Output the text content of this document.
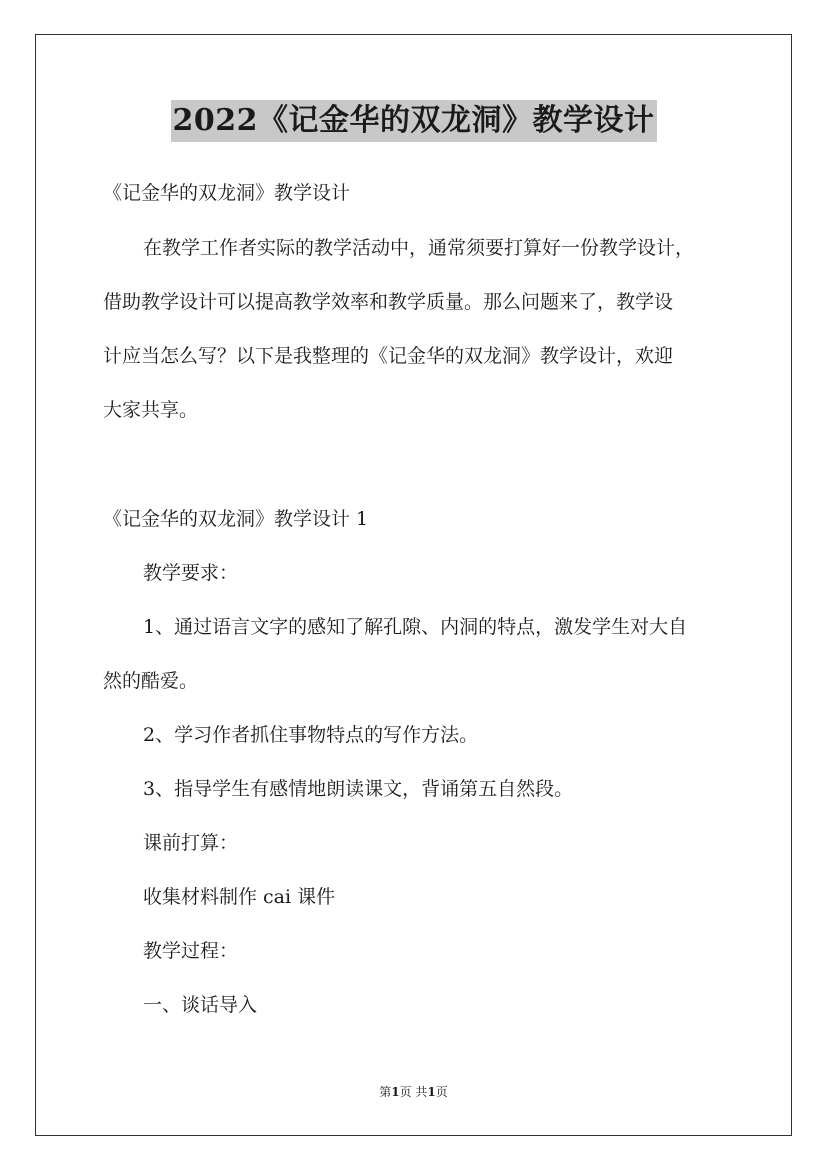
2022《记金华的双龙洞》教学设计
《记金华的双龙洞》教学设计
在教学工作者实际的教学活动中，通常须要打算好一份教学设计，
借助教学设计可以提高教学效率和教学质量。那么问题来了，教学设
计应当怎么写？以下是我整理的《记金华的双龙洞》教学设计，欢迎
大家共享。
《记金华的双龙洞》教学设计 1
教学要求：
1、通过语言文字的感知了解孔隙、内洞的特点，激发学生对大自
然的酷爱。
2、学习作者抓住事物特点的写作方法。
3、指导学生有感情地朗读课文，背诵第五自然段。
课前打算：
收集材料制作 cai 课件
教学过程：
一、谈话导入
第1页 共1页
